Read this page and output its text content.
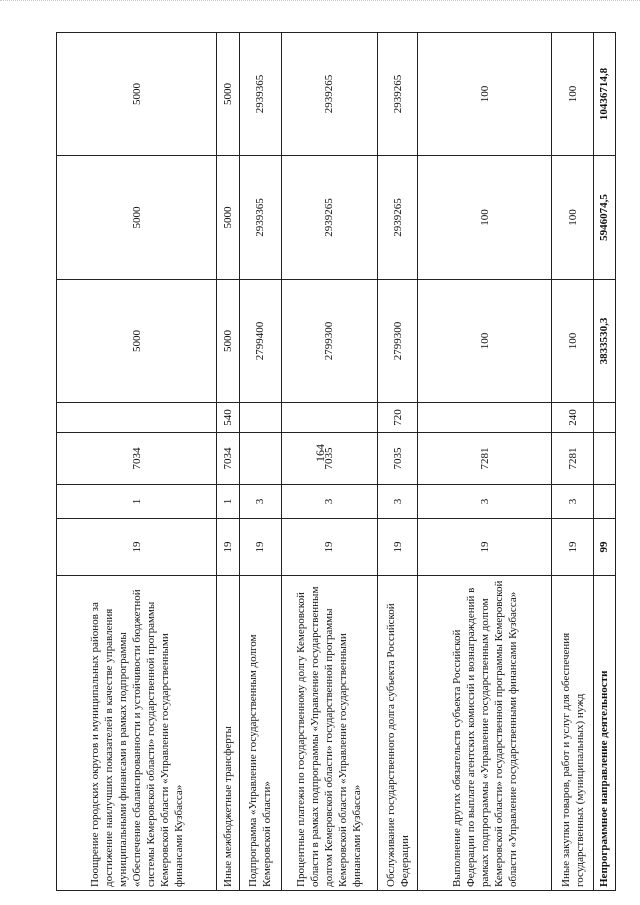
164
Поощрение городских округов и муниципальных районов за достижение наилучших показателей в качестве управления муниципальными финансами в рамках подпрограммы «Обеспечение сбалансированности и устойчивости бюджетной системы Кемеровской области» государственной программы Кемеровской области «Управление государственными финансами Кузбасса»	19	1	7034		5000	5000	5000
Иные межбюджетные трансферты	19	1	7034	540	5000	5000	5000
Подпрограмма «Управление государственным долгом Кемеровской области»	19	3			2799400	2939365	2939365
Процентные платежи по государственному долгу Кемеровской области в рамках подпрограммы «Управление государственным долгом Кемеровской области» государственной программы Кемеровской области «Управление государственными финансами Кузбасса»	19	3	7035		2799300	2939265	2939265
Обслуживание государственного долга субъекта Российской Федерации	19	3	7035	720	2799300	2939265	2939265
Выполнение других обязательств субъекта Российской Федерации по выплате агентских комиссий и вознаграждений в рамках подпрограммы «Управление государственным долгом Кемеровской области» государственной программы Кемеровской области «Управление государственными финансами Кузбасса»	19	3	7281		100	100	100
Иные закупки товаров, работ и услуг для обеспечения государственных (муниципальных) нужд	19	3	7281	240	100	100	100
Непрограммное направление деятельности	99				3833530,3	5946074,5	10436714,8
